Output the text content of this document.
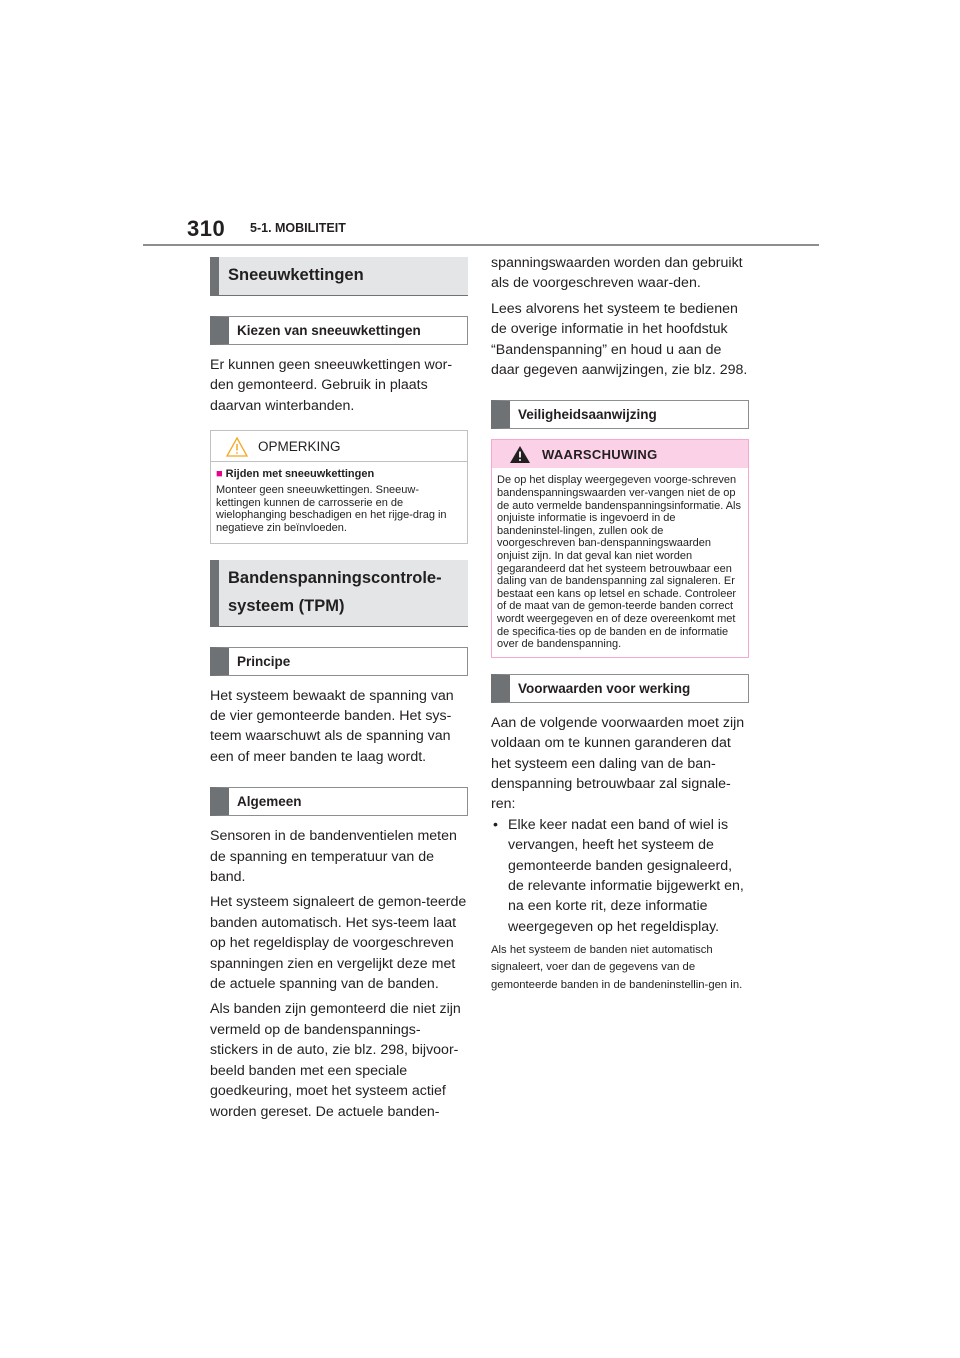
310 5-1. MOBILITEIT
Sneeuwkettingen
Kiezen van sneeuwkettingen

Er kunnen geen sneeuwkettingen wor-den gemonteerd. Gebruik in plaats daarvan winterbanden.

OPMERKING
■ Rijden met sneeuwkettingen
Monteer geen sneeuwkettingen. Sneeuw-kettingen kunnen de carrosserie en de wielophanging beschadigen en het rijge-drag in negatieve zin beïnvloeden.
Bandenspanningscontrole-systeem (TPM)
Principe

Het systeem bewaakt de spanning van de vier gemonteerde banden. Het sys-teem waarschuwt als de spanning van een of meer banden te laag wordt.

Algemeen

Sensoren in de bandenventielen meten de spanning en temperatuur van de band.

Het systeem signaleert de gemon-teerde banden automatisch. Het sys-teem laat op het regeldisplay de voorgeschreven spanningen zien en vergelijkt deze met de actuele spanning van de banden.

Als banden zijn gemonteerd die niet zijn vermeld op de bandenspannings-stickers in de auto, zie blz. 298, bijvoor-beeld banden met een speciale goedkeuring, moet het systeem actief worden gereset. De actuele banden-

spanningswaarden worden dan gebruikt als de voorgeschreven waar-den.

Lees alvorens het systeem te bedienen de overige informatie in het hoofdstuk “Bandenspanning” en houd u aan de daar gegeven aanwijzingen, zie blz. 298.

Veiligheidsaanwijzing
WAARSCHUWING
De op het display weergegeven voorge-schreven bandenspanningswaarden ver-vangen niet de op de auto vermelde bandenspanningsinformatie. Als onjuiste informatie is ingevoerd in de bandeninstel-lingen, zullen ook de voorgeschreven ban-denspanningswaarden onjuist zijn. In dat geval kan niet worden gegarandeerd dat het systeem betrouwbaar een daling van de bandenspanning zal signaleren. Er bestaat een kans op letsel en schade. Controleer of de maat van de gemon-teerde banden correct wordt weergegeven en of deze overeenkomt met de specifica-ties op de banden en de informatie over de bandenspanning.
Voorwaarden voor werking

Aan de volgende voorwaarden moet zijn voldaan om te kunnen garanderen dat het systeem een daling van de ban-denspanning betrouwbaar zal signale-ren:

• Elke keer nadat een band of wiel is vervangen, heeft het systeem de gemonteerde banden gesignaleerd, de relevante informatie bijgewerkt en, na een korte rit, deze informatie weergegeven op het regeldisplay.

Als het systeem de banden niet automatisch signaleert, voer dan de gegevens van de gemonteerde banden in de bandeninstellin-gen in.
